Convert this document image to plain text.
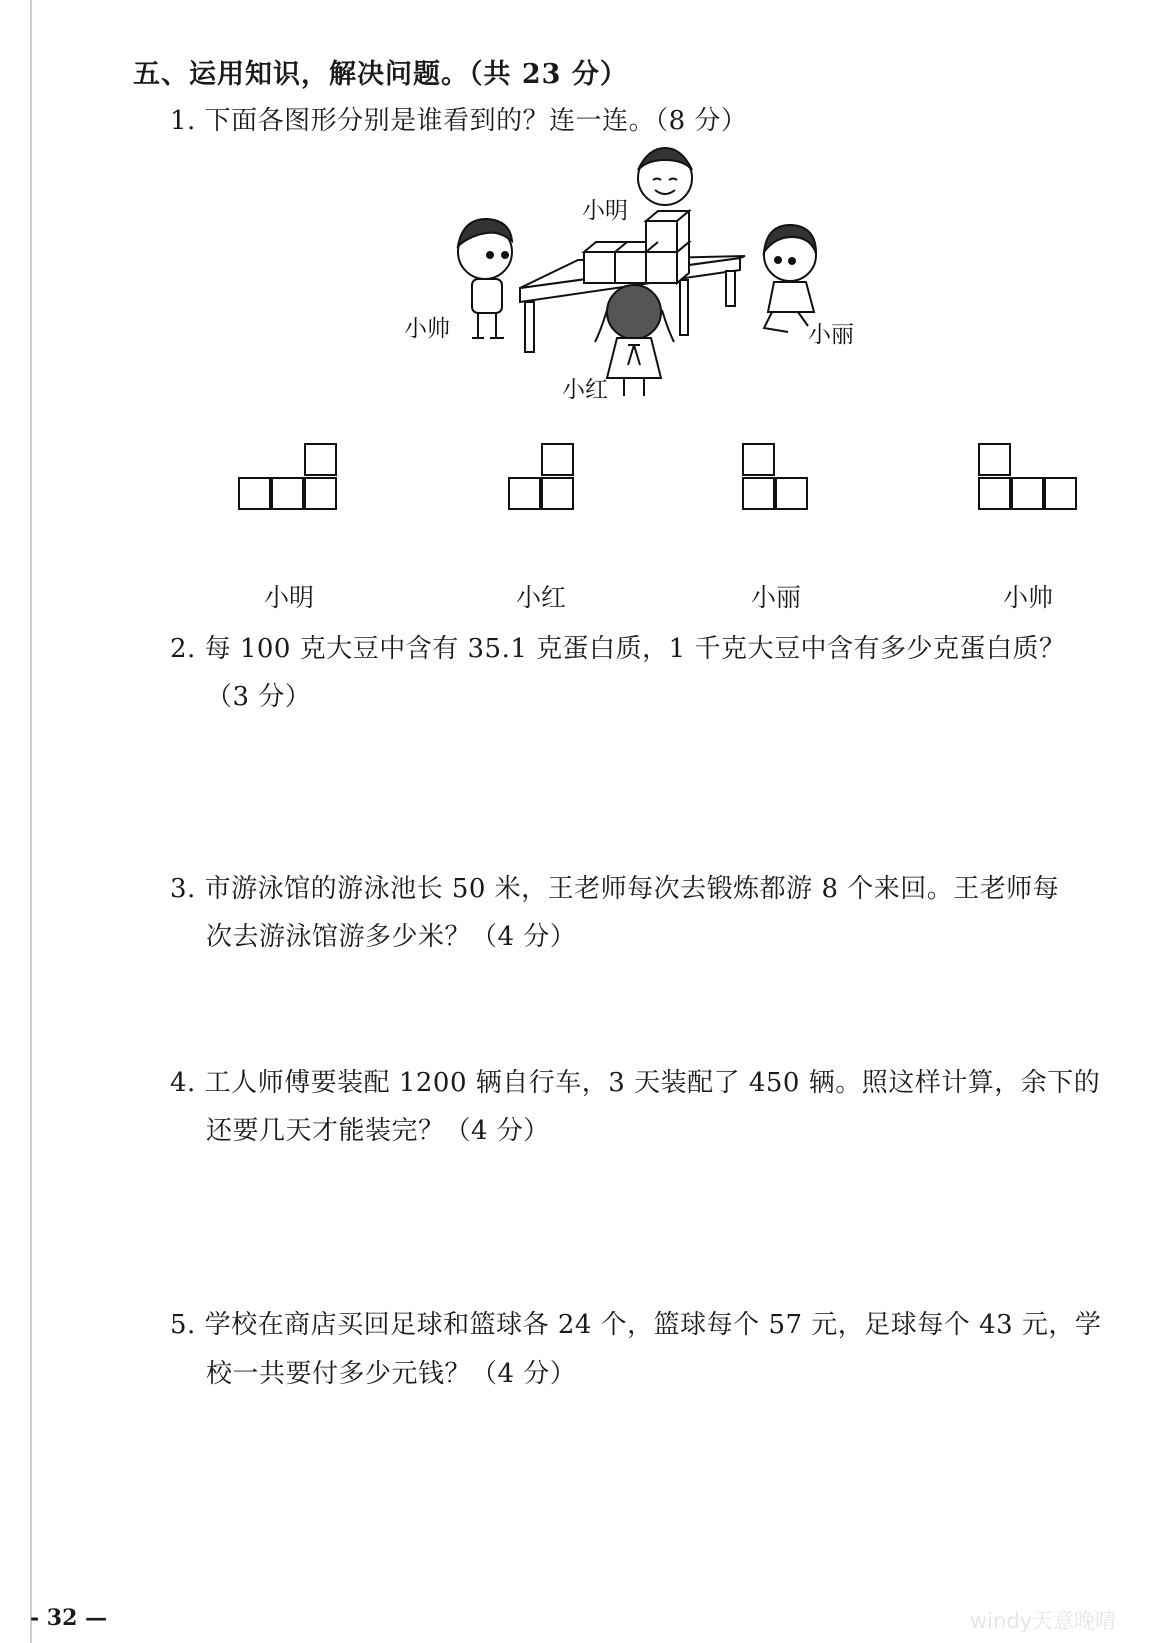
五、运用知识，解决问题。（共 23 分）
1. 下面各图形分别是谁看到的？连一连。（8 分）
小明
小帅	小丽
小红
小明	小红	小丽	小帅
2. 每 100 克大豆中含有 35.1 克蛋白质，1 千克大豆中含有多少克蛋白质？
（3 分）
3. 市游泳馆的游泳池长 50 米，王老师每次去锻炼都游 8 个来回。王老师每
次去游泳馆游多少米？（4 分）
4. 工人师傅要装配 1200 辆自行车，3 天装配了 450 辆。照这样计算，余下的
还要几天才能装完？（4 分）
5. 学校在商店买回足球和篮球各 24 个，篮球每个 57 元，足球每个 43 元，学
校一共要付多少元钱？（4 分）
- 32 —	windy天意晚晴
